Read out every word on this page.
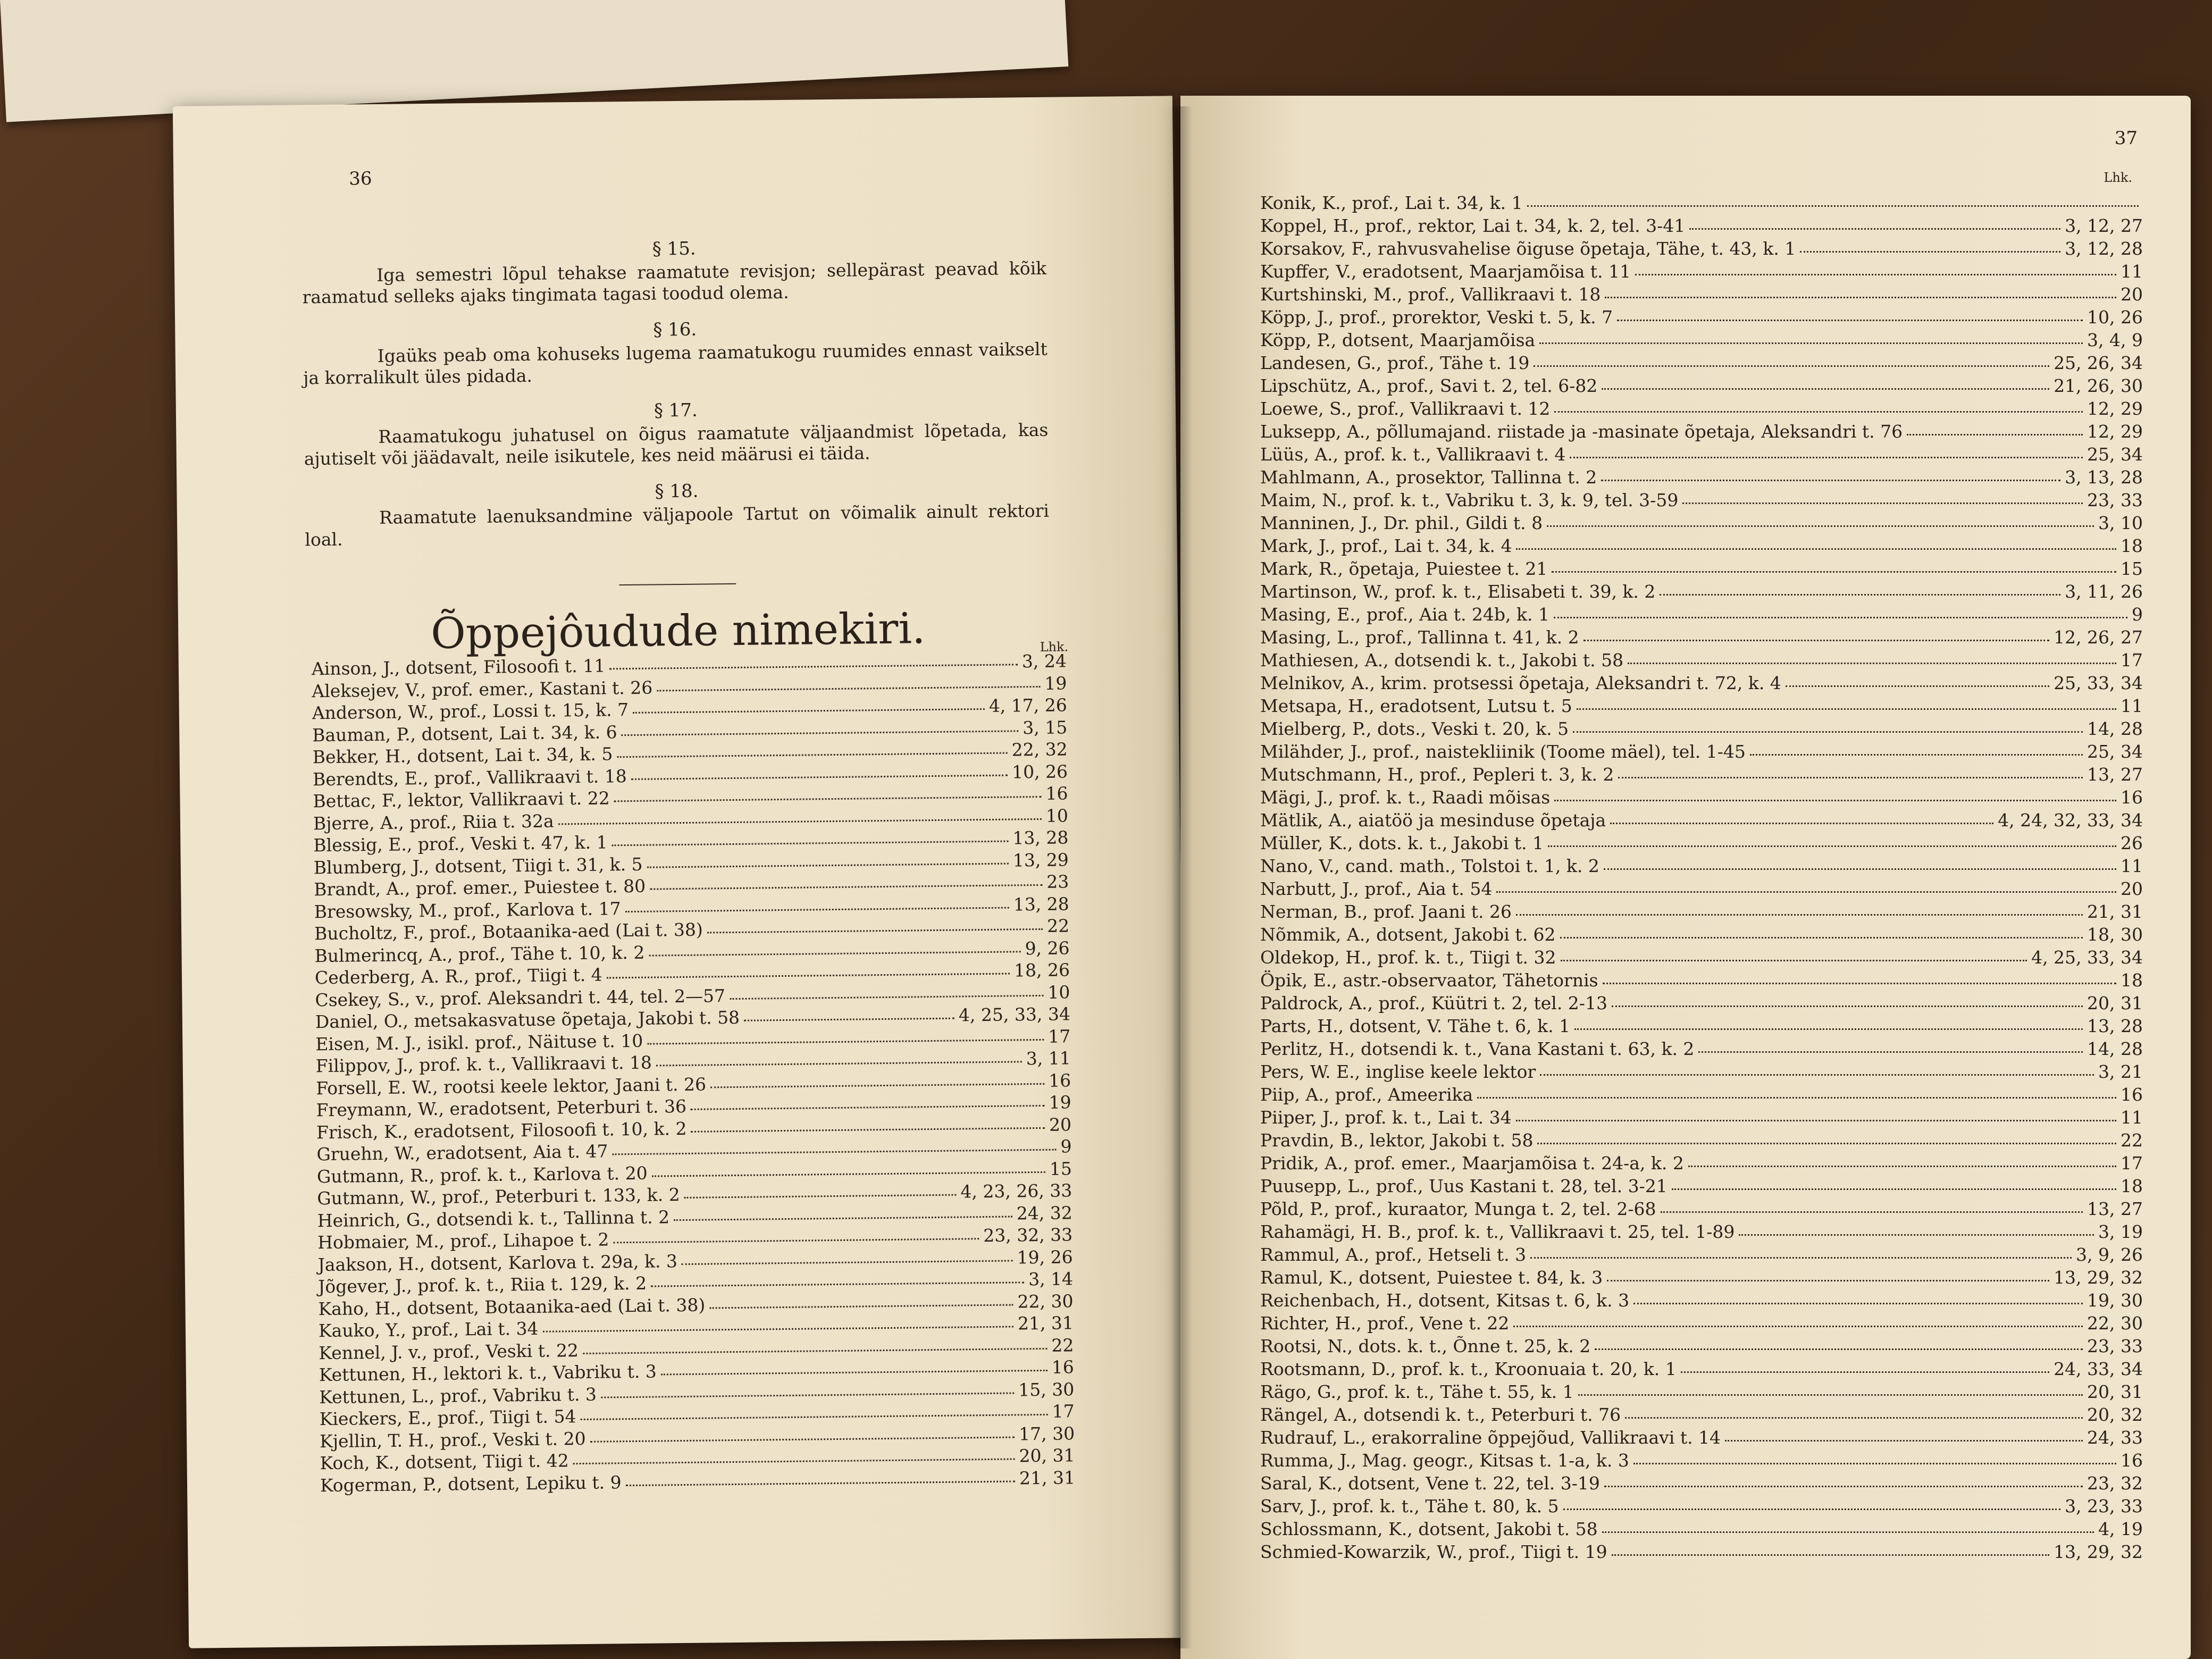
36
§ 15.

Iga semestri lõpul tehakse raamatute revisjon; sellepärast peavad kõik raamatud selleks ajaks tingimata tagasi toodud olema.

§ 16.

Igaüks peab oma kohuseks lugema raamatukogu ruumides ennast vaikselt ja korralikult üles pidada.

§ 17.

Raamatukogu juhatusel on õigus raamatute väljaandmist lõpetada, kas ajutiselt või jäädavalt, neile isikutele, kes neid määrusi ei täida.

§ 18.

Raamatute laenuksandmine väljapoole Tartut on võimalik ainult rektori loal.

Õppejôudude nimekiri.	Lhk.
Ainson, J., dotsent, Filosoofi t. 11	3, 24
Aleksejev, V., prof. emer., Kastani t. 26	19
Anderson, W., prof., Lossi t. 15, k. 7	4, 17, 26
Bauman, P., dotsent, Lai t. 34, k. 6	3, 15
Bekker, H., dotsent, Lai t. 34, k. 5	22, 32
Berendts, E., prof., Vallikraavi t. 18	10, 26
Bettac, F., lektor, Vallikraavi t. 22	16
Bjerre, A., prof., Riia t. 32a	10
Blessig, E., prof., Veski t. 47, k. 1	13, 28
Blumberg, J., dotsent, Tiigi t. 31, k. 5	13, 29
Brandt, A., prof. emer., Puiestee t. 80	23
Bresowsky, M., prof., Karlova t. 17	13, 28
Bucholtz, F., prof., Botaanika-aed (Lai t. 38)	22
Bulmerincq, A., prof., Tähe t. 10, k. 2	9, 26
Cederberg, A. R., prof., Tiigi t. 4	18, 26
Csekey, S., v., prof. Aleksandri t. 44, tel. 2—57	10
Daniel, O., metsakasvatuse õpetaja, Jakobi t. 58	4, 25, 33, 34
Eisen, M. J., isikl. prof., Näituse t. 10	17
Filippov, J., prof. k. t., Vallikraavi t. 18	3, 11
Forsell, E. W., rootsi keele lektor, Jaani t. 26	16
Freymann, W., eradotsent, Peterburi t. 36	19
Frisch, K., eradotsent, Filosoofi t. 10, k. 2	20
Gruehn, W., eradotsent, Aia t. 47	9
Gutmann, R., prof. k. t., Karlova t. 20	15
Gutmann, W., prof., Peterburi t. 133, k. 2	4, 23, 26, 33
Heinrich, G., dotsendi k. t., Tallinna t. 2	24, 32
Hobmaier, M., prof., Lihapoe t. 2	23, 32, 33
Jaakson, H., dotsent, Karlova t. 29a, k. 3	19, 26
Jõgever, J., prof. k. t., Riia t. 129, k. 2	3, 14
Kaho, H., dotsent, Botaanika-aed (Lai t. 38)	22, 30
Kauko, Y., prof., Lai t. 34	21, 31
Kennel, J. v., prof., Veski t. 22	22
Kettunen, H., lektori k. t., Vabriku t. 3	16
Kettunen, L., prof., Vabriku t. 3	15, 30
Kieckers, E., prof., Tiigi t. 54	17
Kjellin, T. H., prof., Veski t. 20	17, 30
Koch, K., dotsent, Tiigi t. 42	20, 31
Kogerman, P., dotsent, Lepiku t. 9	21, 31
37
Lhk.
Konik, K., prof., Lai t. 34, k. 1
Koppel, H., prof., rektor, Lai t. 34, k. 2, tel. 3-41	3, 12, 27
Korsakov, F., rahvusvahelise õiguse õpetaja, Tähe, t. 43, k. 1	3, 12, 28
Kupffer, V., eradotsent, Maarjamõisa t. 11	11
Kurtshinski, M., prof., Vallikraavi t. 18	20
Köpp, J., prof., prorektor, Veski t. 5, k. 7	10, 26
Köpp, P., dotsent, Maarjamõisa	3, 4, 9
Landesen, G., prof., Tähe t. 19	25, 26, 34
Lipschütz, A., prof., Savi t. 2, tel. 6-82	21, 26, 30
Loewe, S., prof., Vallikraavi t. 12	12, 29
Luksepp, A., põllumajand. riistade ja -masinate õpetaja, Aleksandri t. 76	12, 29
Lüüs, A., prof. k. t., Vallikraavi t. 4	25, 34
Mahlmann, A., prosektor, Tallinna t. 2	3, 13, 28
Maim, N., prof. k. t., Vabriku t. 3, k. 9, tel. 3-59	23, 33
Manninen, J., Dr. phil., Gildi t. 8	3, 10
Mark, J., prof., Lai t. 34, k. 4	18
Mark, R., õpetaja, Puiestee t. 21	15
Martinson, W., prof. k. t., Elisabeti t. 39, k. 2	3, 11, 26
Masing, E., prof., Aia t. 24b, k. 1	9
Masing, L., prof., Tallinna t. 41, k. 2	12, 26, 27
Mathiesen, A., dotsendi k. t., Jakobi t. 58	17
Melnikov, A., krim. protsessi õpetaja, Aleksandri t. 72, k. 4	25, 33, 34
Metsapa, H., eradotsent, Lutsu t. 5	11
Mielberg, P., dots., Veski t. 20, k. 5	14, 28
Milähder, J., prof., naistekliinik (Toome mäel), tel. 1-45	25, 34
Mutschmann, H., prof., Pepleri t. 3, k. 2	13, 27
Mägi, J., prof. k. t., Raadi mõisas	16
Mätlik, A., aiatöö ja mesinduse õpetaja	4, 24, 32, 33, 34
Müller, K., dots. k. t., Jakobi t. 1	26
Nano, V., cand. math., Tolstoi t. 1, k. 2	11
Narbutt, J., prof., Aia t. 54	20
Nerman, B., prof. Jaani t. 26	21, 31
Nõmmik, A., dotsent, Jakobi t. 62	18, 30
Oldekop, H., prof. k. t., Tiigi t. 32	4, 25, 33, 34
Öpik, E., astr.-observaator, Tähetornis	18
Paldrock, A., prof., Küütri t. 2, tel. 2-13	20, 31
Parts, H., dotsent, V. Tähe t. 6, k. 1	13, 28
Perlitz, H., dotsendi k. t., Vana Kastani t. 63, k. 2	14, 28
Pers, W. E., inglise keele lektor	3, 21
Piip, A., prof., Ameerika	16
Piiper, J., prof. k. t., Lai t. 34	11
Pravdin, B., lektor, Jakobi t. 58	22
Pridik, A., prof. emer., Maarjamõisa t. 24-a, k. 2	17
Puusepp, L., prof., Uus Kastani t. 28, tel. 3-21	18
Põld, P., prof., kuraator, Munga t. 2, tel. 2-68	13, 27
Rahamägi, H. B., prof. k. t., Vallikraavi t. 25, tel. 1-89	3, 19
Rammul, A., prof., Hetseli t. 3	3, 9, 26
Ramul, K., dotsent, Puiestee t. 84, k. 3	13, 29, 32
Reichenbach, H., dotsent, Kitsas t. 6, k. 3	19, 30
Richter, H., prof., Vene t. 22	22, 30
Rootsi, N., dots. k. t., Õnne t. 25, k. 2	23, 33
Rootsmann, D., prof. k. t., Kroonuaia t. 20, k. 1	24, 33, 34
Rägo, G., prof. k. t., Tähe t. 55, k. 1	20, 31
Rängel, A., dotsendi k. t., Peterburi t. 76	20, 32
Rudrauf, L., erakorraline õppejõud, Vallikraavi t. 14	24, 33
Rumma, J., Mag. geogr., Kitsas t. 1-a, k. 3	16
Saral, K., dotsent, Vene t. 22, tel. 3-19	23, 32
Sarv, J., prof. k. t., Tähe t. 80, k. 5	3, 23, 33
Schlossmann, K., dotsent, Jakobi t. 58	4, 19
Schmied-Kowarzik, W., prof., Tiigi t. 19	13, 29, 32
